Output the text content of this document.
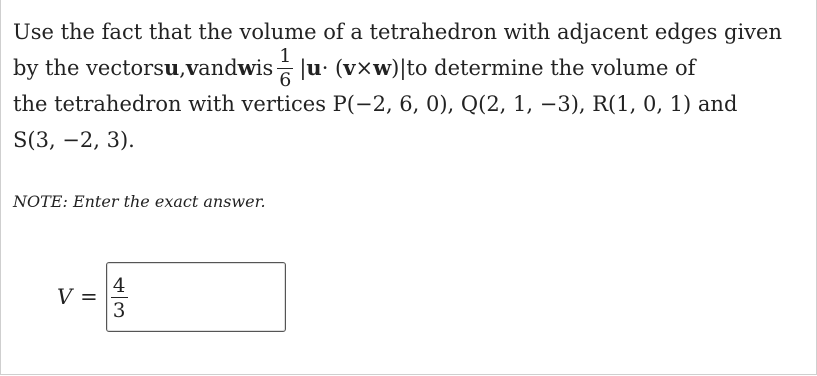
Use the fact that the volume of a tetrahedron with adjacent edges given
by the vectors u , v and w is $\frac{1}{6}$ | u · ( v × w )| to determine the volume of
the tetrahedron with vertices P(−2, 6, 0), Q(2, 1, −3), R(1, 0, 1) and
S(3, −2, 3).
NOTE: Enter the exact answer.
$V = \frac{4}{3}$
